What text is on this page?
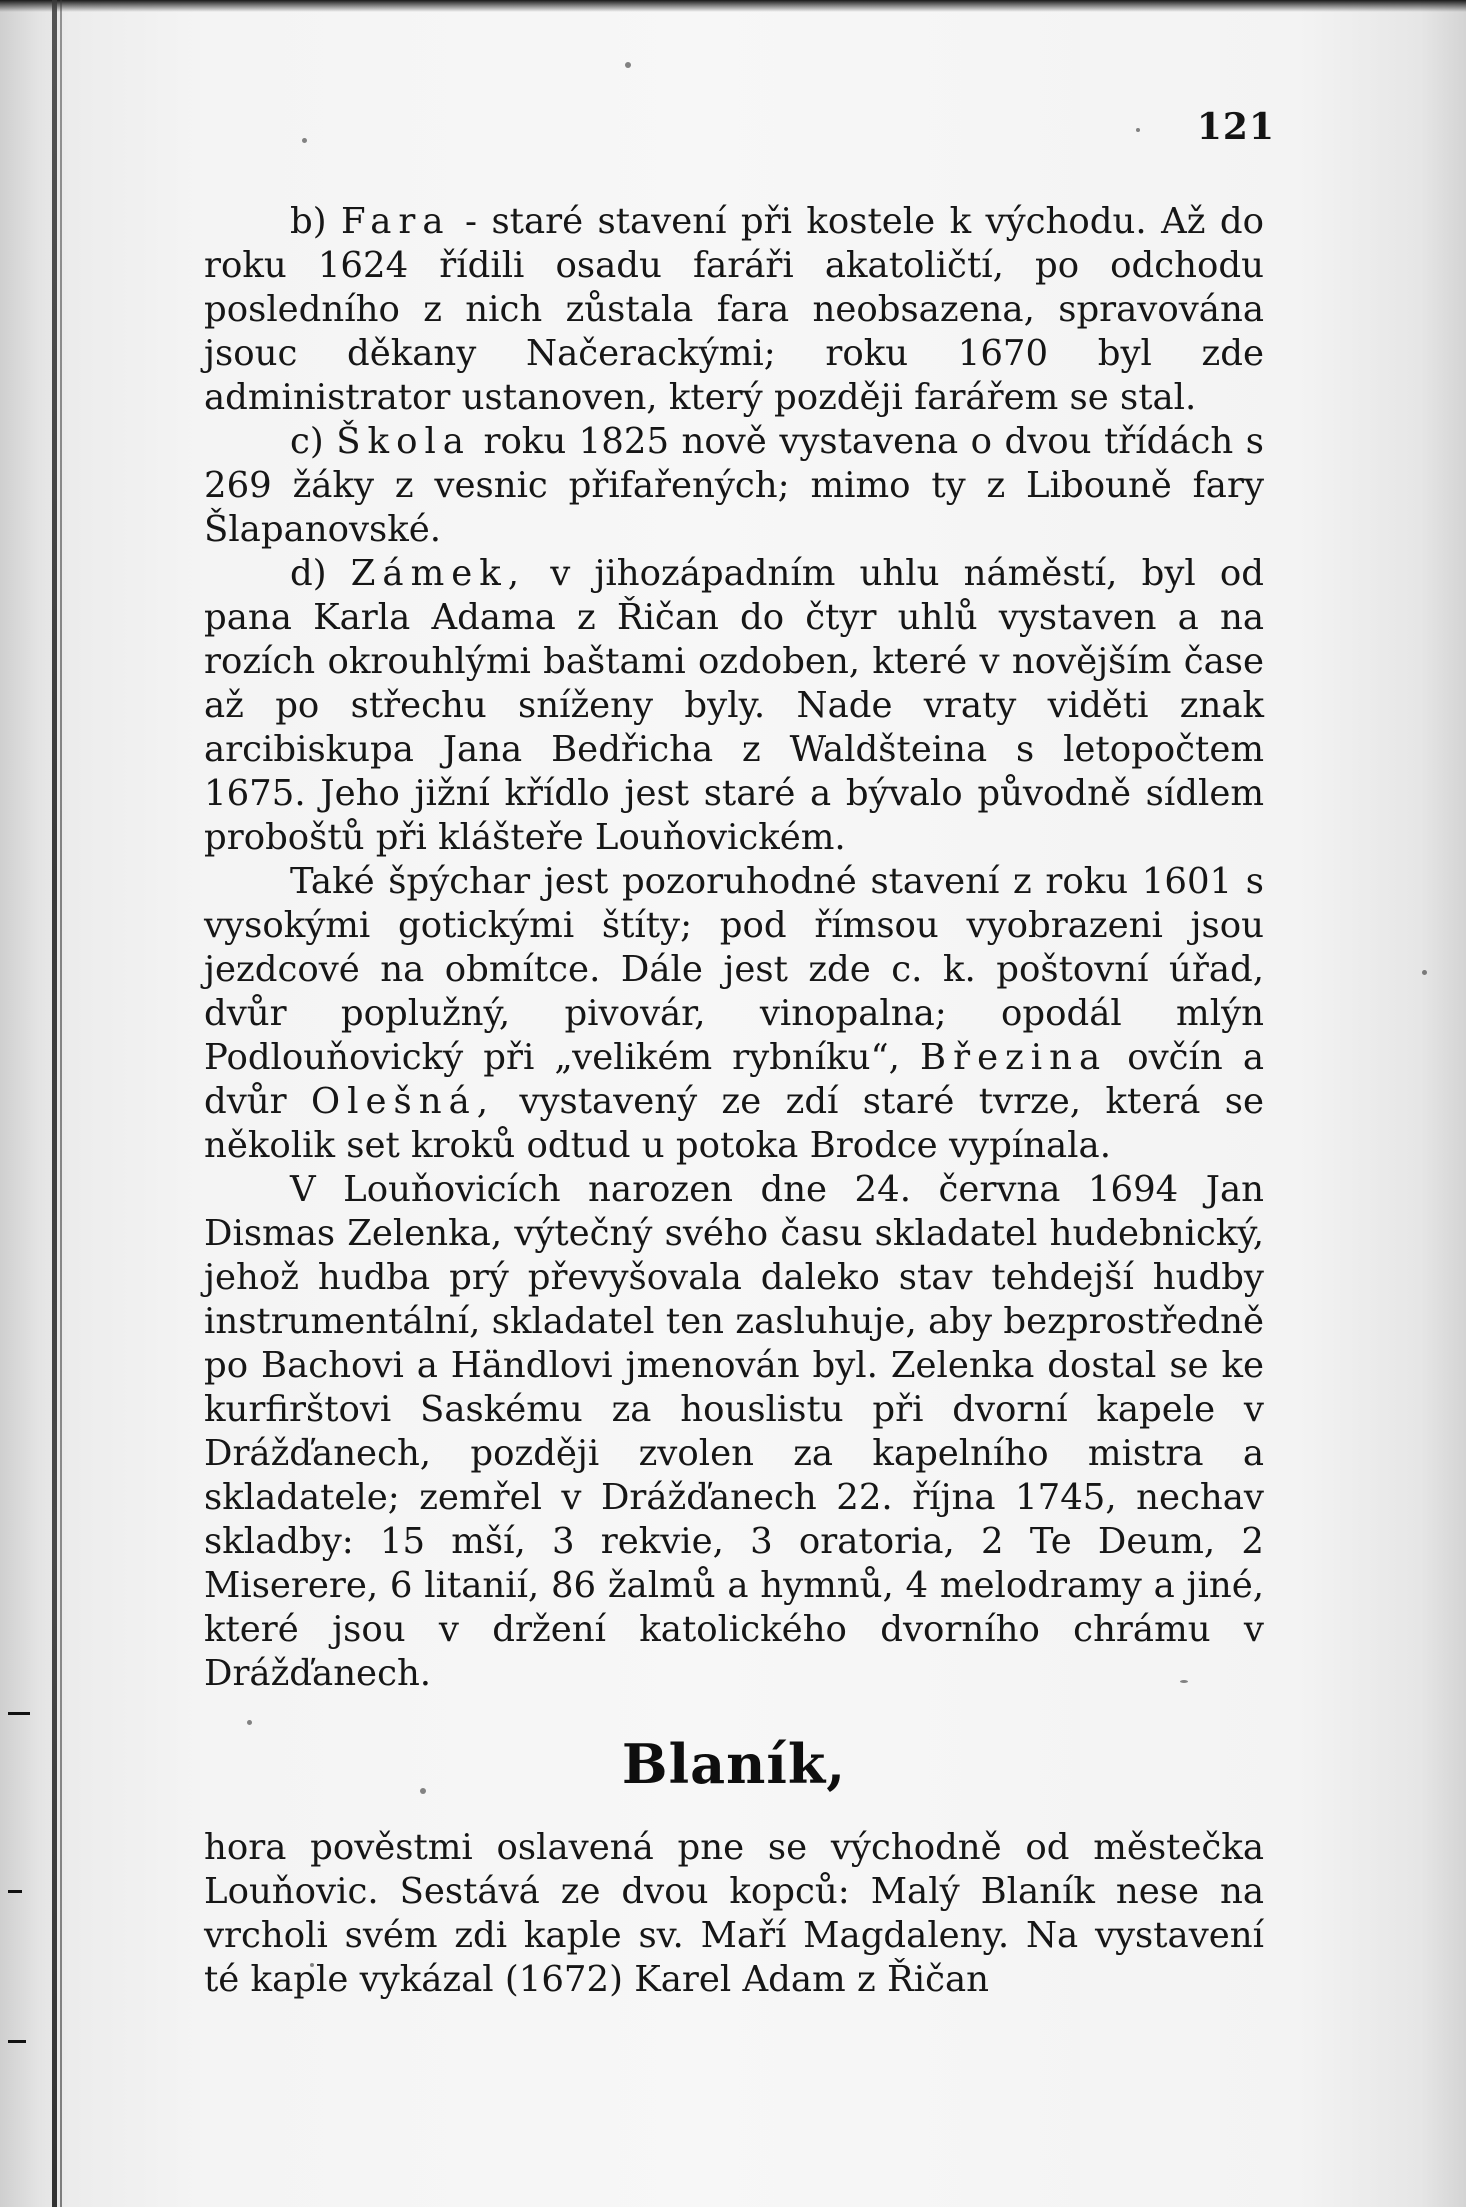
121

b) Fara - staré stavení při kostele k východu. Až do roku 1624 řídili osadu faráři akatoličtí, po odchodu posledního z nich zůstala fara neobsazena, spravována jsouc děkany Načerackými; roku 1670 byl zde administrator ustanoven, který později farářem se stal.

c) Škola roku 1825 nově vystavena o dvou třídách s 269 žáky z vesnic přifařených; mimo ty z Libouně fary Šlapanovské.

d) Zámek, v jihozápadním uhlu náměstí, byl od pana Karla Adama z Řičan do čtyr uhlů vystaven a na rozích okrouhlými baštami ozdoben, které v novějším čase až po střechu sníženy byly. Nade vraty viděti znak arcibiskupa Jana Bedřicha z Waldšteina s letopočtem 1675. Jeho jižní křídlo jest staré a bývalo původně sídlem proboštů při klášteře Louňovickém.

Také špýchar jest pozoruhodné stavení z roku 1601 s vysokými gotickými štíty; pod římsou vyobrazeni jsou jezdcové na obmítce. Dále jest zde c. k. poštovní úřad, dvůr poplužný, pivovár, vinopalna; opodál mlýn Podlouňovický při „velikém rybníku“, Březina ovčín a dvůr Olešná, vystavený ze zdí staré tvrze, která se několik set kroků odtud u potoka Brodce vypínala.

V Louňovicích narozen dne 24. června 1694 Jan Dismas Zelenka, výtečný svého času skladatel hudebnický, jehož hudba prý převyšovala daleko stav tehdejší hudby instrumentální, skladatel ten zasluhuje, aby bezprostředně po Bachovi a Händlovi jmenován byl. Zelenka dostal se ke kurfirštovi Saskému za houslistu při dvorní kapele v Drážďanech, později zvolen za kapelního mistra a skladatele; zemřel v Drážďanech 22. října 1745, nechav skladby: 15 mší, 3 rekvie, 3 oratoria, 2 Te Deum, 2 Miserere, 6 litanií, 86 žalmů a hymnů, 4 melodramy a jiné, které jsou v držení katolického dvorního chrámu v Drážďanech.

Blaník,

hora pověstmi oslavená pne se východně od městečka Louňovic. Sestává ze dvou kopců: Malý Blaník nese na vrcholi svém zdi kaple sv. Maří Magdaleny. Na vystavení té kaple vykázal (1672) Karel Adam z Řičan
